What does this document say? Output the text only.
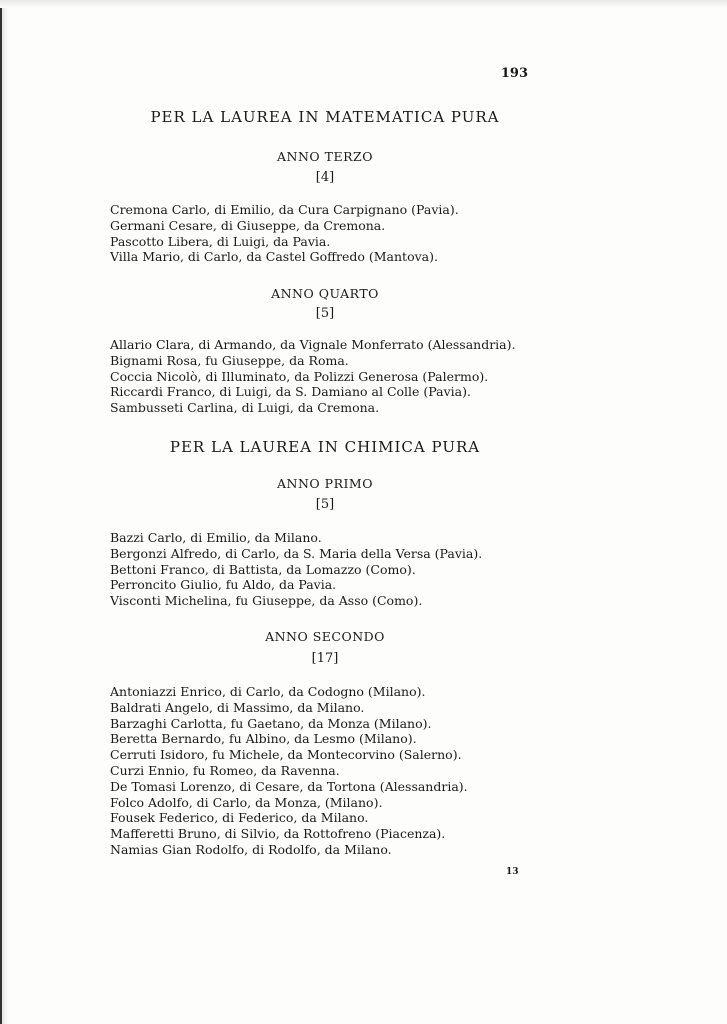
193
PER LA LAUREA IN MATEMATICA PURA
ANNO TERZO
[4]
Cremona Carlo, di Emilio, da Cura Carpignano (Pavia).
Germani Cesare, di Giuseppe, da Cremona.
Pascotto Libera, di Luigi, da Pavia.
Villa Mario, di Carlo, da Castel Goffredo (Mantova).
ANNO QUARTO
[5]
Allario Clara, di Armando, da Vignale Monferrato (Alessandria).
Bignami Rosa, fu Giuseppe, da Roma.
Coccia Nicolò, di Illuminato, da Polizzi Generosa (Palermo).
Riccardi Franco, di Luigi, da S. Damiano al Colle (Pavia).
Sambusseti Carlina, di Luigi, da Cremona.
PER LA LAUREA IN CHIMICA PURA
ANNO PRIMO
[5]
Bazzi Carlo, di Emilio, da Milano.
Bergonzi Alfredo, di Carlo, da S. Maria della Versa (Pavia).
Bettoni Franco, di Battista, da Lomazzo (Como).
Perroncito Giulio, fu Aldo, da Pavia.
Visconti Michelina, fu Giuseppe, da Asso (Como).
ANNO SECONDO
[17]
Antoniazzi Enrico, di Carlo, da Codogno (Milano).
Baldrati Angelo, di Massimo, da Milano.
Barzaghi Carlotta, fu Gaetano, da Monza (Milano).
Beretta Bernardo, fu Albino, da Lesmo (Milano).
Cerruti Isidoro, fu Michele, da Montecorvino (Salerno).
Curzi Ennio, fu Romeo, da Ravenna.
De Tomasi Lorenzo, di Cesare, da Tortona (Alessandria).
Folco Adolfo, di Carlo, da Monza, (Milano).
Fousek Federico, di Federico, da Milano.
Mafferetti Bruno, di Silvio, da Rottofreno (Piacenza).
Namias Gian Rodolfo, di Rodolfo, da Milano.
13
